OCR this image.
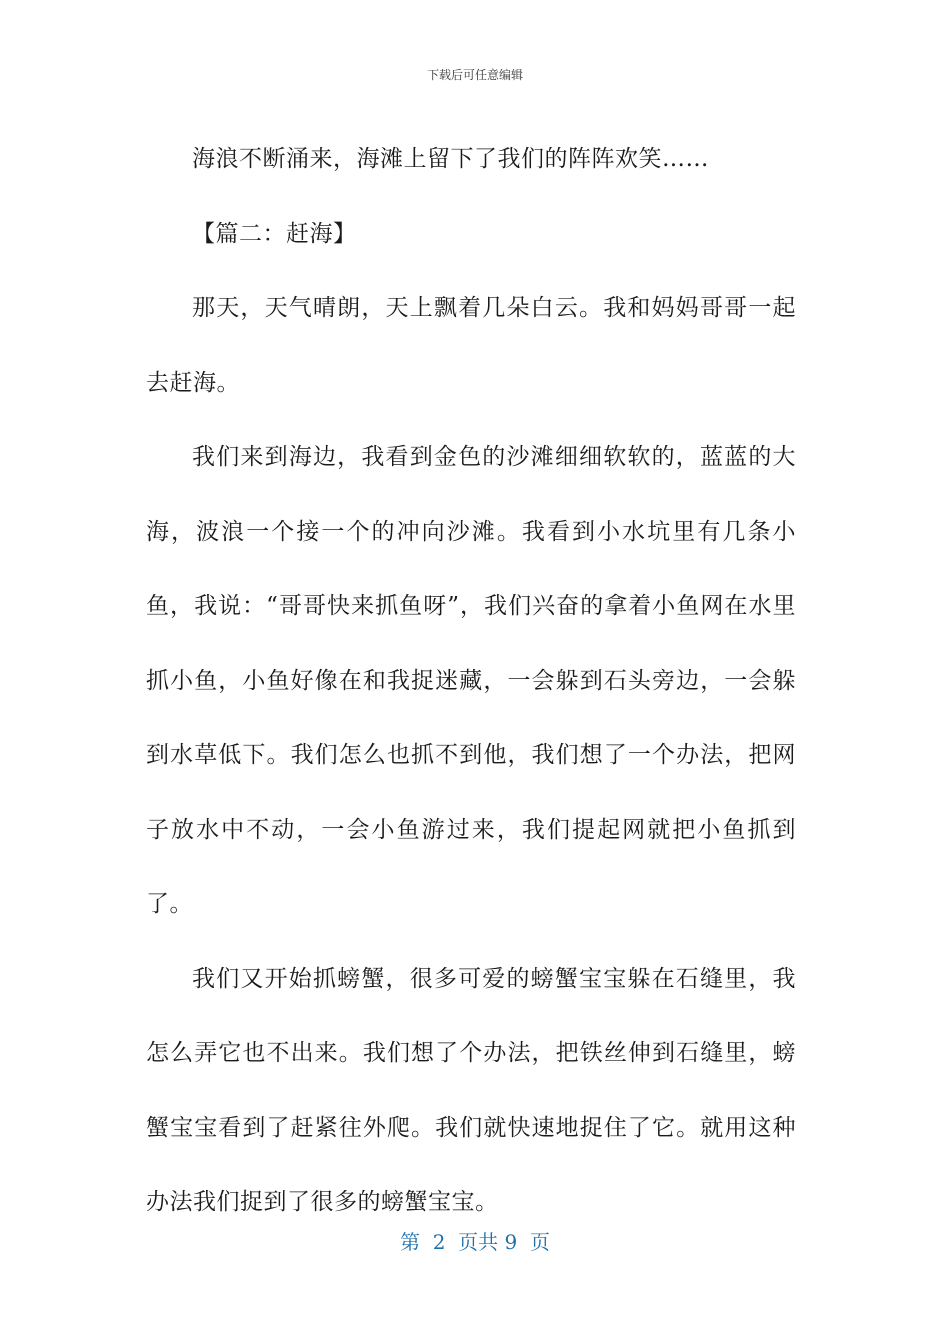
下载后可任意编辑

海浪不断涌来，海滩上留下了我们的阵阵欢笑……

【篇二：赶海】

那天，天气晴朗，天上飘着几朵白云。我和妈妈哥哥一起去赶海。

我们来到海边，我看到金色的沙滩细细软软的，蓝蓝的大海，波浪一个接一个的冲向沙滩。我看到小水坑里有几条小鱼，我说：“哥哥快来抓鱼呀”，我们兴奋的拿着小鱼网在水里抓小鱼，小鱼好像在和我捉迷藏，一会躲到石头旁边，一会躲到水草低下。我们怎么也抓不到他，我们想了一个办法，把网子放水中不动，一会小鱼游过来，我们提起网就把小鱼抓到了。

我们又开始抓螃蟹，很多可爱的螃蟹宝宝躲在石缝里，我怎么弄它也不出来。我们想了个办法，把铁丝伸到石缝里，螃蟹宝宝看到了赶紧往外爬。我们就快速地捉住了它。就用这种办法我们捉到了很多的螃蟹宝宝。

第  2  页共 9  页
